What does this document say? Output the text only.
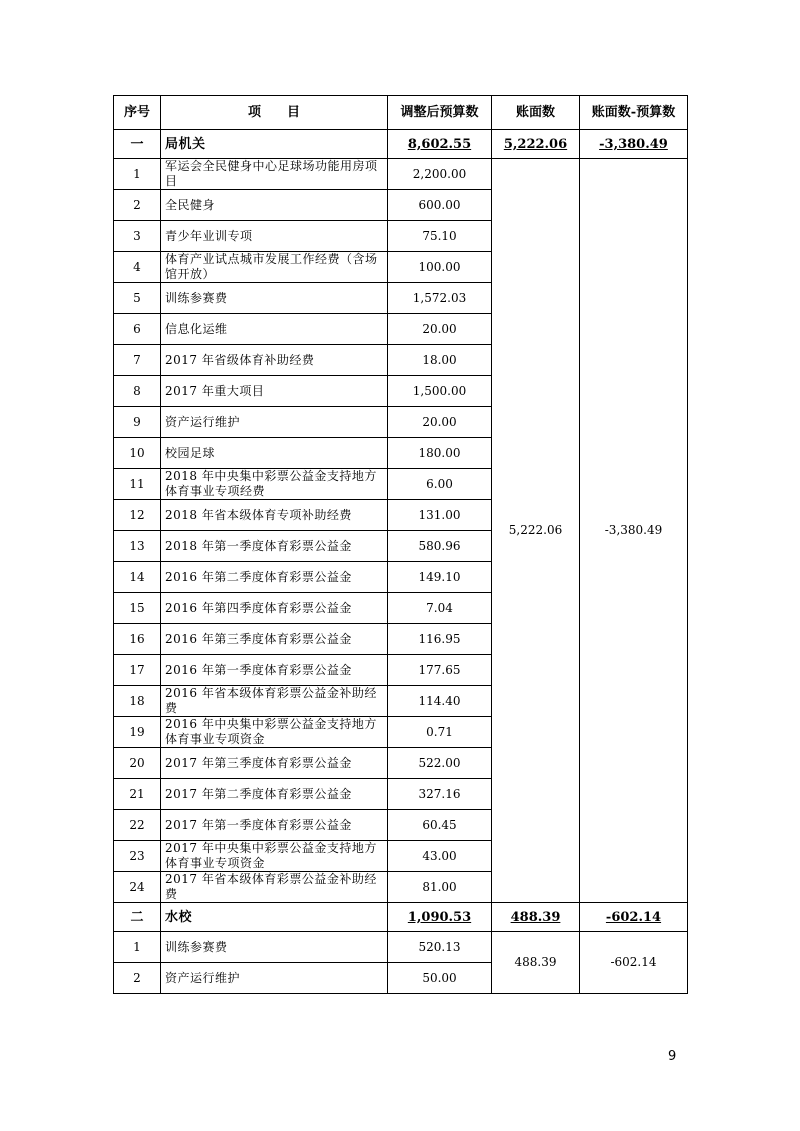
序号	项　　目	调整后预算数	账面数	账面数-预算数
一	局机关	8,602.55	5,222.06	-3,380.49
1	军运会全民健身中心足球场功能用房项目	2,200.00	5,222.06	-3,380.49
2	全民健身	600.00		
3	青少年业训专项	75.10		
4	体育产业试点城市发展工作经费（含场馆开放）	100.00		
5	训练参赛费	1,572.03		
6	信息化运维	20.00		
7	2017 年省级体育补助经费	18.00		
8	2017 年重大项目	1,500.00		
9	资产运行维护	20.00		
10	校园足球	180.00		
11	2018 年中央集中彩票公益金支持地方体育事业专项经费	6.00		
12	2018 年省本级体育专项补助经费	131.00		
13	2018 年第一季度体育彩票公益金	580.96		
14	2016 年第二季度体育彩票公益金	149.10		
15	2016 年第四季度体育彩票公益金	7.04		
16	2016 年第三季度体育彩票公益金	116.95		
17	2016 年第一季度体育彩票公益金	177.65		
18	2016 年省本级体育彩票公益金补助经费	114.40		
19	2016 年中央集中彩票公益金支持地方体育事业专项资金	0.71		
20	2017 年第三季度体育彩票公益金	522.00		
21	2017 年第二季度体育彩票公益金	327.16		
22	2017 年第一季度体育彩票公益金	60.45		
23	2017 年中央集中彩票公益金支持地方体育事业专项资金	43.00		
24	2017 年省本级体育彩票公益金补助经费	81.00		
二	水校	1,090.53	488.39	-602.14
1	训练参赛费	520.13	488.39	-602.14
2	资产运行维护	50.00		
9
